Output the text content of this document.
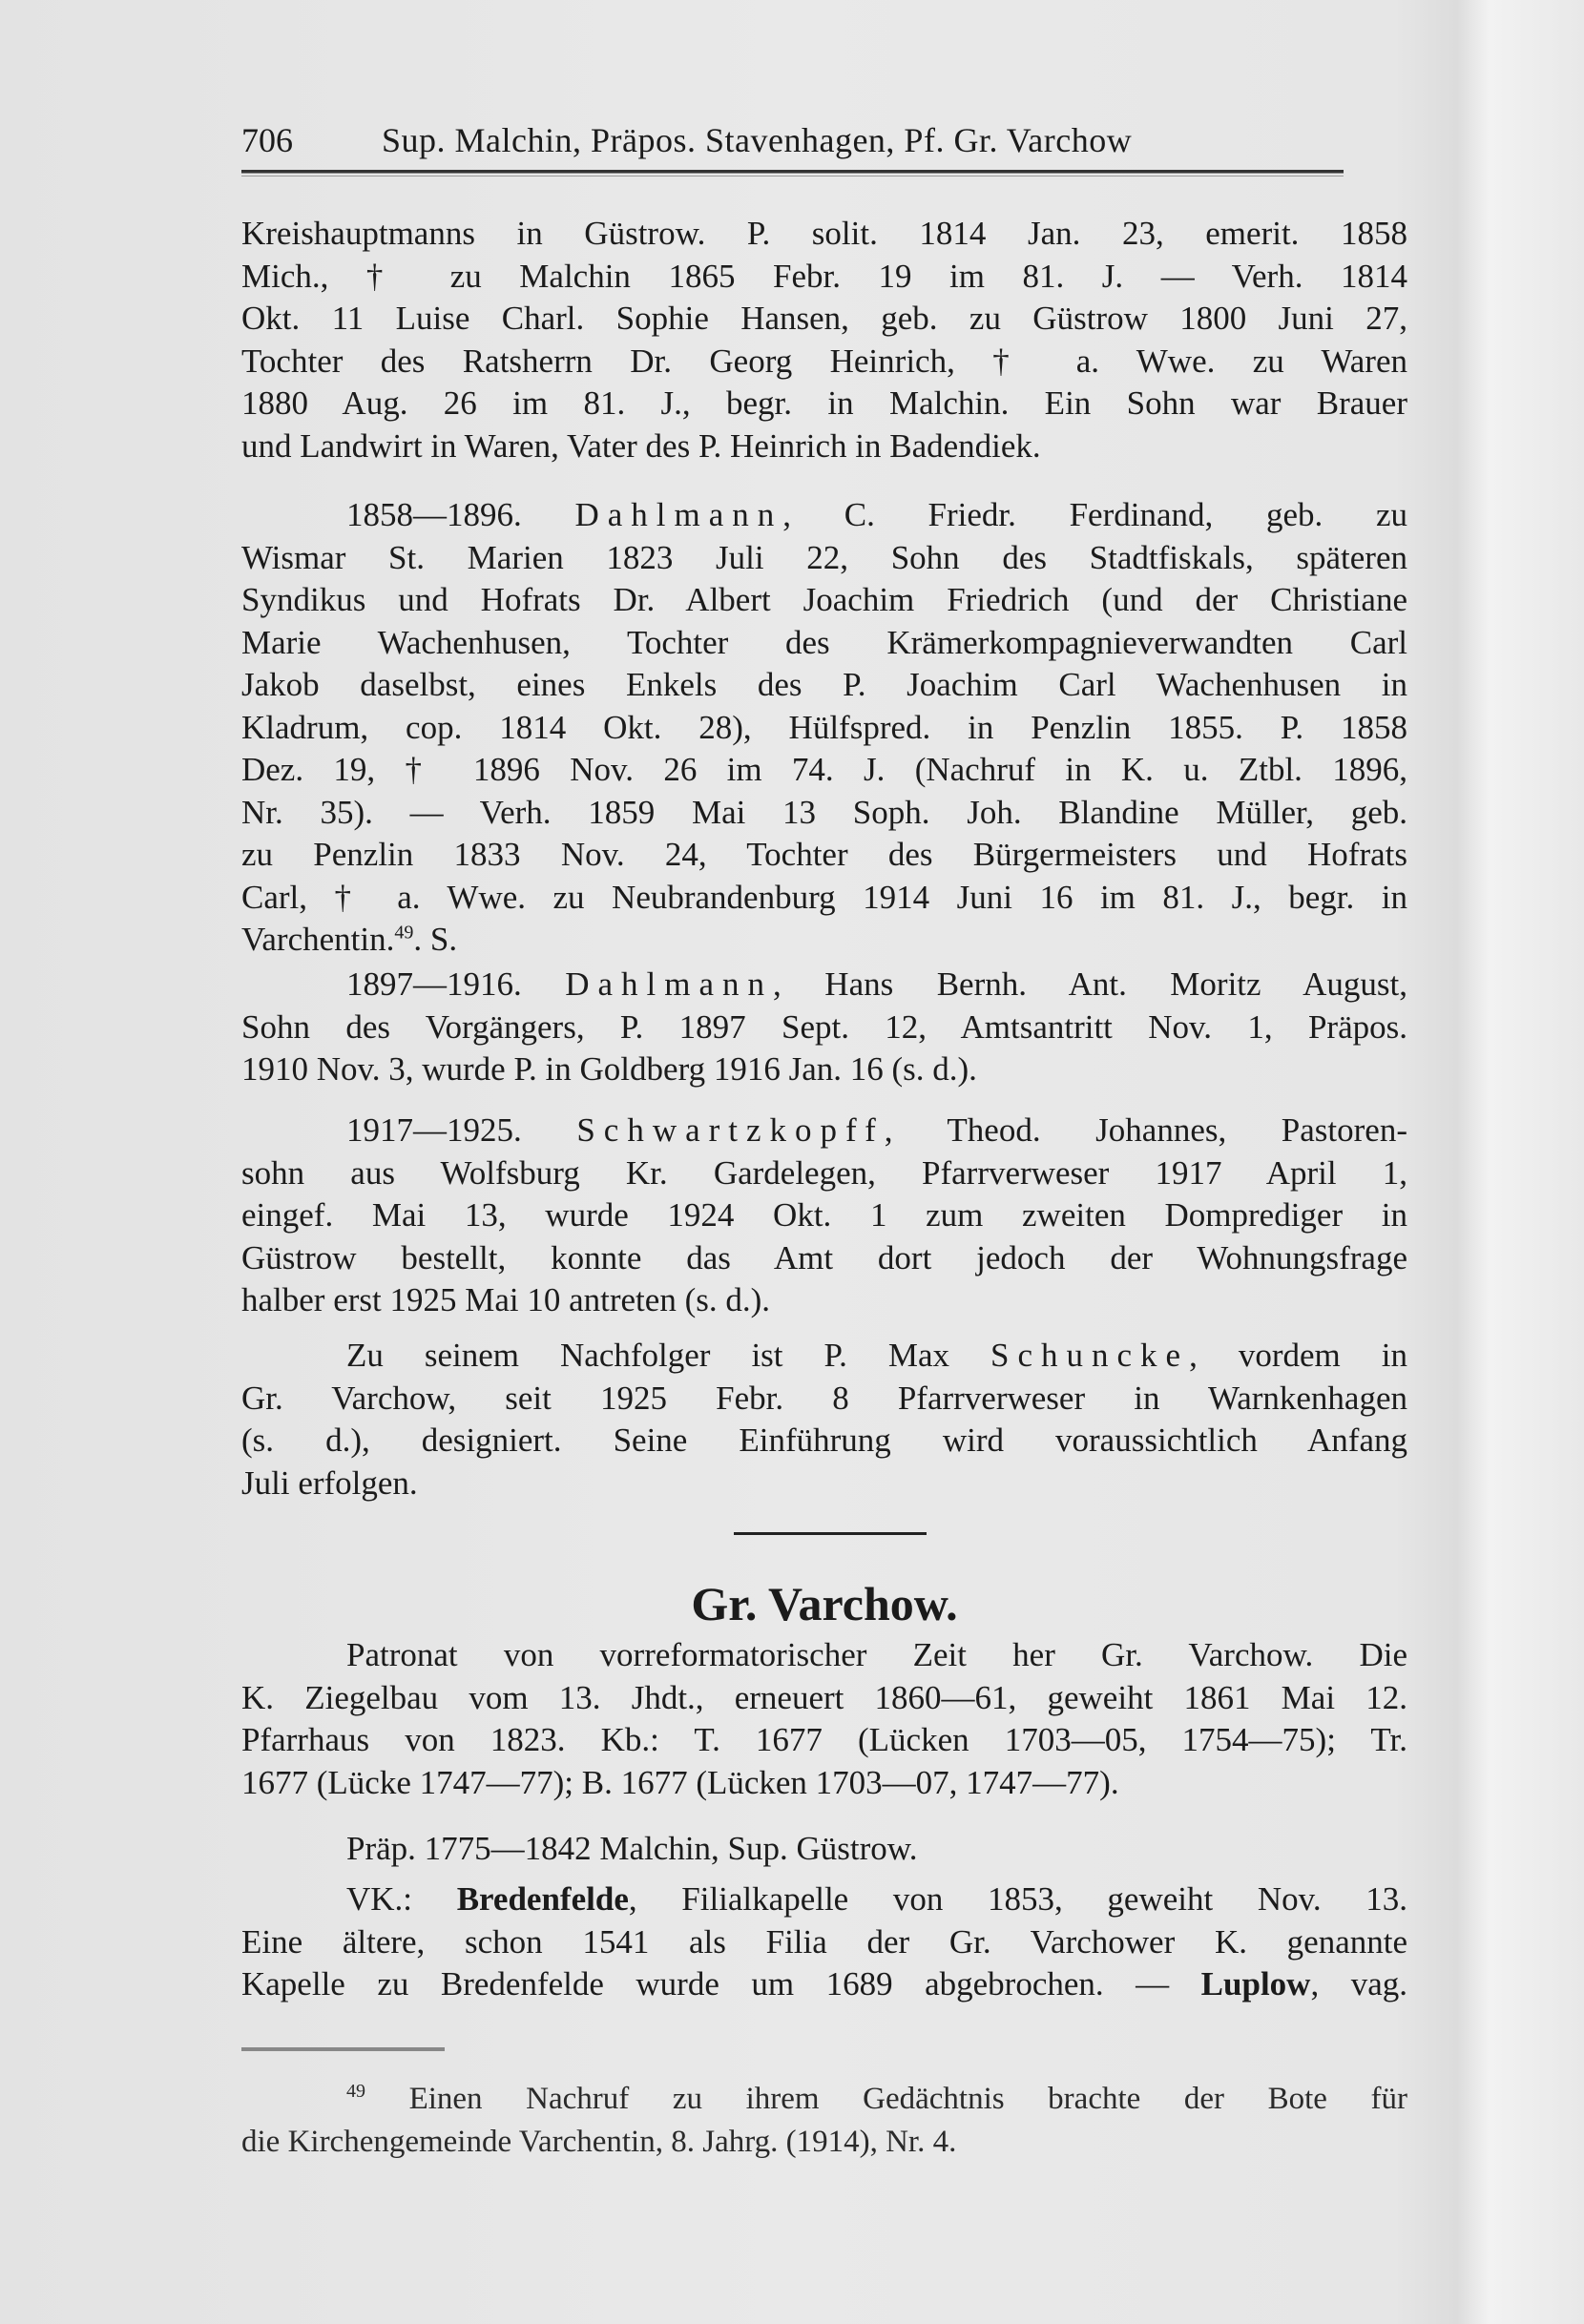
706	Sup. Malchin, Präpos. Stavenhagen, Pf. Gr. Varchow
Kreishauptmanns in Güstrow. P. solit. 1814 Jan. 23, emerit. 1858
Mich., † zu Malchin 1865 Febr. 19 im 81. J. — Verh. 1814
Okt. 11 Luise Charl. Sophie Hansen, geb. zu Güstrow 1800 Juni 27,
Tochter des Ratsherrn Dr. Georg Heinrich, † a. Wwe. zu Waren
1880 Aug. 26 im 81. J., begr. in Malchin. Ein Sohn war Brauer
und Landwirt in Waren, Vater des P. Heinrich in Badendiek.
1858—1896. Dahlmann, C. Friedr. Ferdinand, geb. zu
Wismar St. Marien 1823 Juli 22, Sohn des Stadtfiskals, späteren
Syndikus und Hofrats Dr. Albert Joachim Friedrich (und der Christiane
Marie Wachenhusen, Tochter des Krämerkompagnieverwandten Carl
Jakob daselbst, eines Enkels des P. Joachim Carl Wachenhusen in
Kladrum, cop. 1814 Okt. 28), Hülfspred. in Penzlin 1855. P. 1858
Dez. 19, † 1896 Nov. 26 im 74. J. (Nachruf in K. u. Ztbl. 1896,
Nr. 35). — Verh. 1859 Mai 13 Soph. Joh. Blandine Müller, geb.
zu Penzlin 1833 Nov. 24, Tochter des Bürgermeisters und Hofrats
Carl, † a. Wwe. zu Neubrandenburg 1914 Juni 16 im 81. J., begr. in
Varchentin.$^{49}$. S.
1897—1916. Dahlmann, Hans Bernh. Ant. Moritz August,
Sohn des Vorgängers, P. 1897 Sept. 12, Amtsantritt Nov. 1, Präpos.
1910 Nov. 3, wurde P. in Goldberg 1916 Jan. 16 (s. d.).
1917—1925. Schwartzkopff, Theod. Johannes, Pastoren-
sohn aus Wolfsburg Kr. Gardelegen, Pfarrverweser 1917 April 1,
eingef. Mai 13, wurde 1924 Okt. 1 zum zweiten Domprediger in
Güstrow bestellt, konnte das Amt dort jedoch der Wohnungsfrage
halber erst 1925 Mai 10 antreten (s. d.).
Zu seinem Nachfolger ist P. Max Schuncke, vordem in
Gr. Varchow, seit 1925 Febr. 8 Pfarrverweser in Warnkenhagen
(s. d.), designiert. Seine Einführung wird voraussichtlich Anfang
Juli erfolgen.
Gr. Varchow.
Patronat von vorreformatorischer Zeit her Gr. Varchow. Die
K. Ziegelbau vom 13. Jhdt., erneuert 1860—61, geweiht 1861 Mai 12.
Pfarrhaus von 1823. Kb.: T. 1677 (Lücken 1703—05, 1754—75); Tr.
1677 (Lücke 1747—77); B. 1677 (Lücken 1703—07, 1747—77).
Präp. 1775—1842 Malchin, Sup. Güstrow.
VK.: Bredenfelde, Filialkapelle von 1853, geweiht Nov. 13.
Eine ältere, schon 1541 als Filia der Gr. Varchower K. genannte
Kapelle zu Bredenfelde wurde um 1689 abgebrochen. — Luplow, vag.
$^{49}$ Einen Nachruf zu ihrem Gedächtnis brachte der Bote für
die Kirchengemeinde Varchentin, 8. Jahrg. (1914), Nr. 4.
